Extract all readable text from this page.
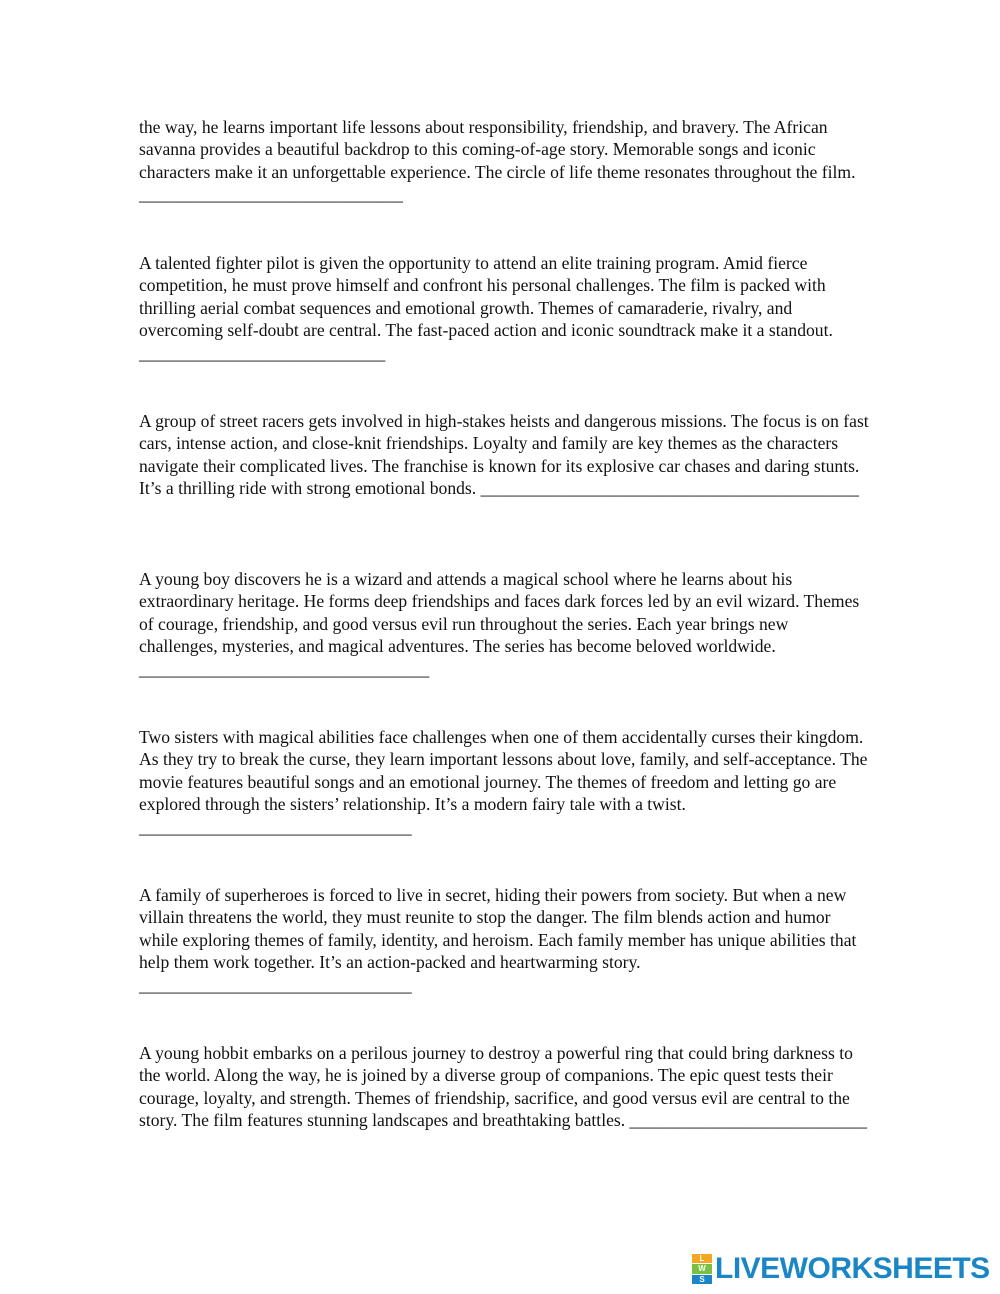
the way, he learns important life lessons about responsibility, friendship, and bravery. The African savanna provides a beautiful backdrop to this coming-of-age story. Memorable songs and iconic characters make it an unforgettable experience. The circle of life theme resonates throughout the film. ______________________________

A talented fighter pilot is given the opportunity to attend an elite training program. Amid fierce competition, he must prove himself and confront his personal challenges. The film is packed with thrilling aerial combat sequences and emotional growth. Themes of camaraderie, rivalry, and overcoming self-doubt are central. The fast-paced action and iconic soundtrack make it a standout. ____________________________

A group of street racers gets involved in high-stakes heists and dangerous missions. The focus is on fast cars, intense action, and close-knit friendships. Loyalty and family are key themes as the characters navigate their complicated lives. The franchise is known for its explosive car chases and daring stunts. It’s a thrilling ride with strong emotional bonds. ___________________________________________

A young boy discovers he is a wizard and attends a magical school where he learns about his extraordinary heritage. He forms deep friendships and faces dark forces led by an evil wizard. Themes of courage, friendship, and good versus evil run throughout the series. Each year brings new challenges, mysteries, and magical adventures. The series has become beloved worldwide. _________________________________

Two sisters with magical abilities face challenges when one of them accidentally curses their kingdom. As they try to break the curse, they learn important lessons about love, family, and self-acceptance. The movie features beautiful songs and an emotional journey. The themes of freedom and letting go are explored through the sisters’ relationship. It’s a modern fairy tale with a twist. _______________________________

A family of superheroes is forced to live in secret, hiding their powers from society. But when a new villain threatens the world, they must reunite to stop the danger. The film blends action and humor while exploring themes of family, identity, and heroism. Each family member has unique abilities that help them work together. It’s an action-packed and heartwarming story. _______________________________

A young hobbit embarks on a perilous journey to destroy a powerful ring that could bring darkness to the world. Along the way, he is joined by a diverse group of companions. The epic quest tests their courage, loyalty, and strength. Themes of friendship, sacrifice, and good versus evil are central to the story. The film features stunning landscapes and breathtaking battles. ___________________________

L
W
S LIVEWORKSHEETS
